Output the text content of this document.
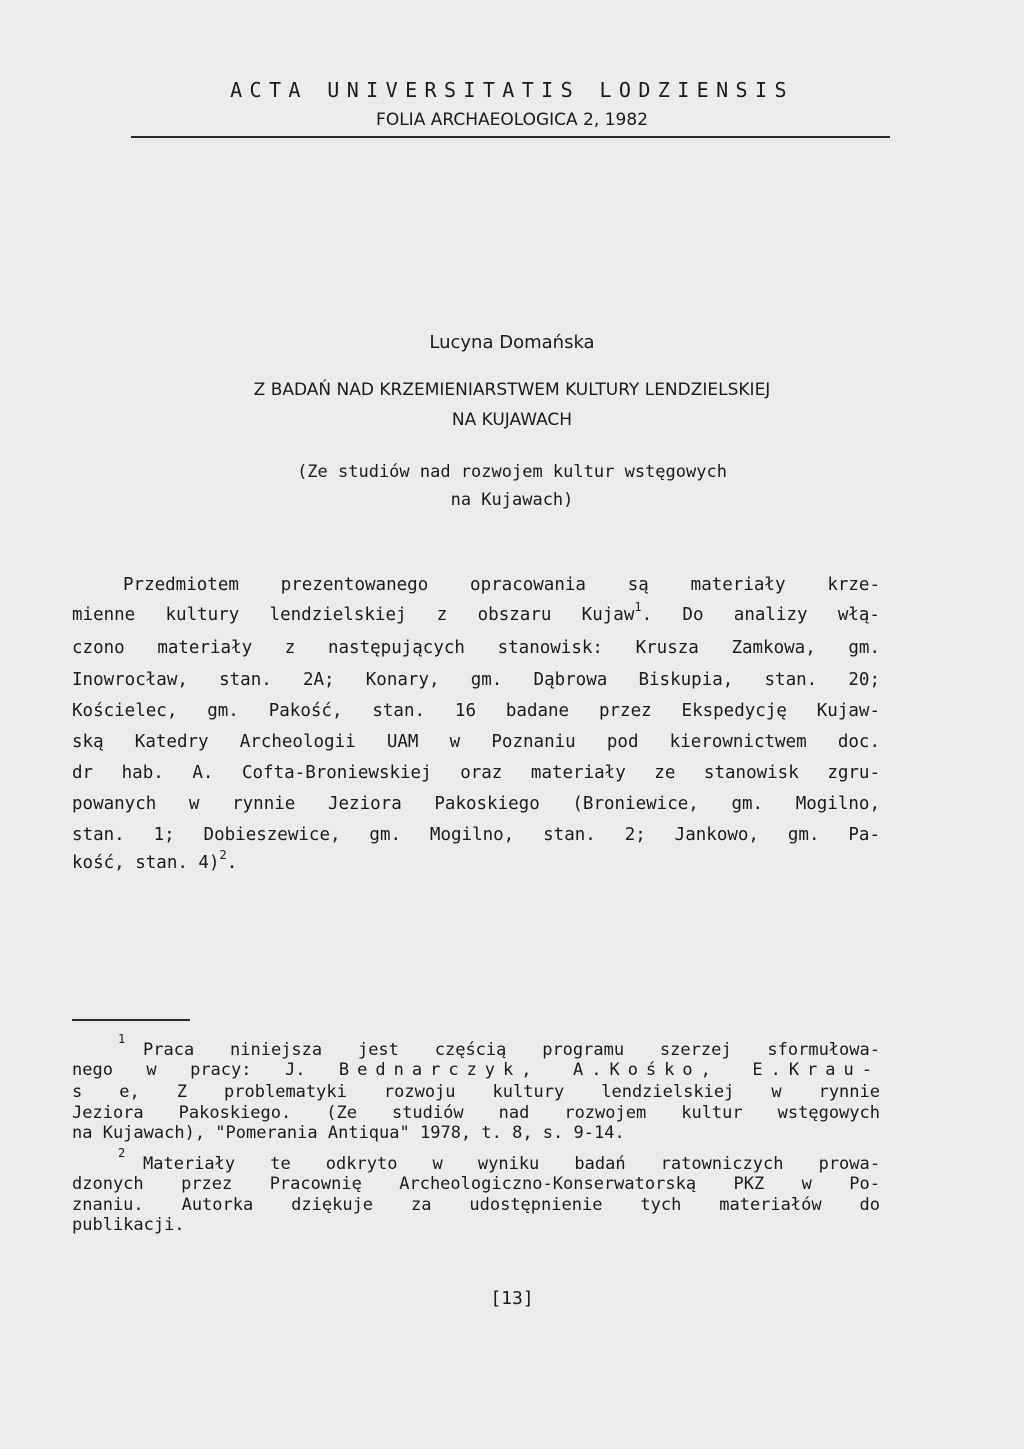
ACTA UNIVERSITATIS LODZIENSIS
FOLIA ARCHAEOLOGICA 2, 1982
Lucyna Domańska
Z BADAŃ NAD KRZEMIENIARSTWEM KULTURY LENDZIELSKIEJ
NA KUJAWACH
(Ze studiów nad rozwojem kultur wstęgowych
na Kujawach)
Przedmiotem prezentowanego opracowania są materiały krze-
mienne kultury lendzielskiej z obszaru Kujaw$^1$. Do analizy włą-
czono materiały z następujących stanowisk: Krusza Zamkowa, gm.
Inowrocław, stan. 2A; Konary, gm. Dąbrowa Biskupia, stan. 20;
Kościelec, gm. Pakość, stan. 16 badane przez Ekspedycję Kujaw-
ską Katedry Archeologii UAM w Poznaniu pod kierownictwem doc.
dr hab. A. Cofta-Broniewskiej oraz materiały ze stanowisk zgru-
powanych w rynnie Jeziora Pakoskiego (Broniewice, gm. Mogilno,
stan. 1; Dobieszewice, gm. Mogilno, stan. 2; Jankowo, gm. Pa-
kość, stan. 4)$^2$.
1
Praca niniejsza jest częścią programu szerzej sformułowa-
nego w pracy: J. Bednarczyk, A.Kośko, E.Krau-
s e, Z problematyki rozwoju kultury lendzielskiej w rynnie
Jeziora Pakoskiego. (Ze studiów nad rozwojem kultur wstęgowych
na Kujawach), "Pomerania Antiqua" 1978, t. 8, s. 9-14.
2
Materiały te odkryto w wyniku badań ratowniczych prowa-
dzonych przez Pracownię Archeologiczno-Konserwatorską PKZ w Po-
znaniu. Autorka dziękuje za udostępnienie tych materiałów do
publikacji.
[13]
